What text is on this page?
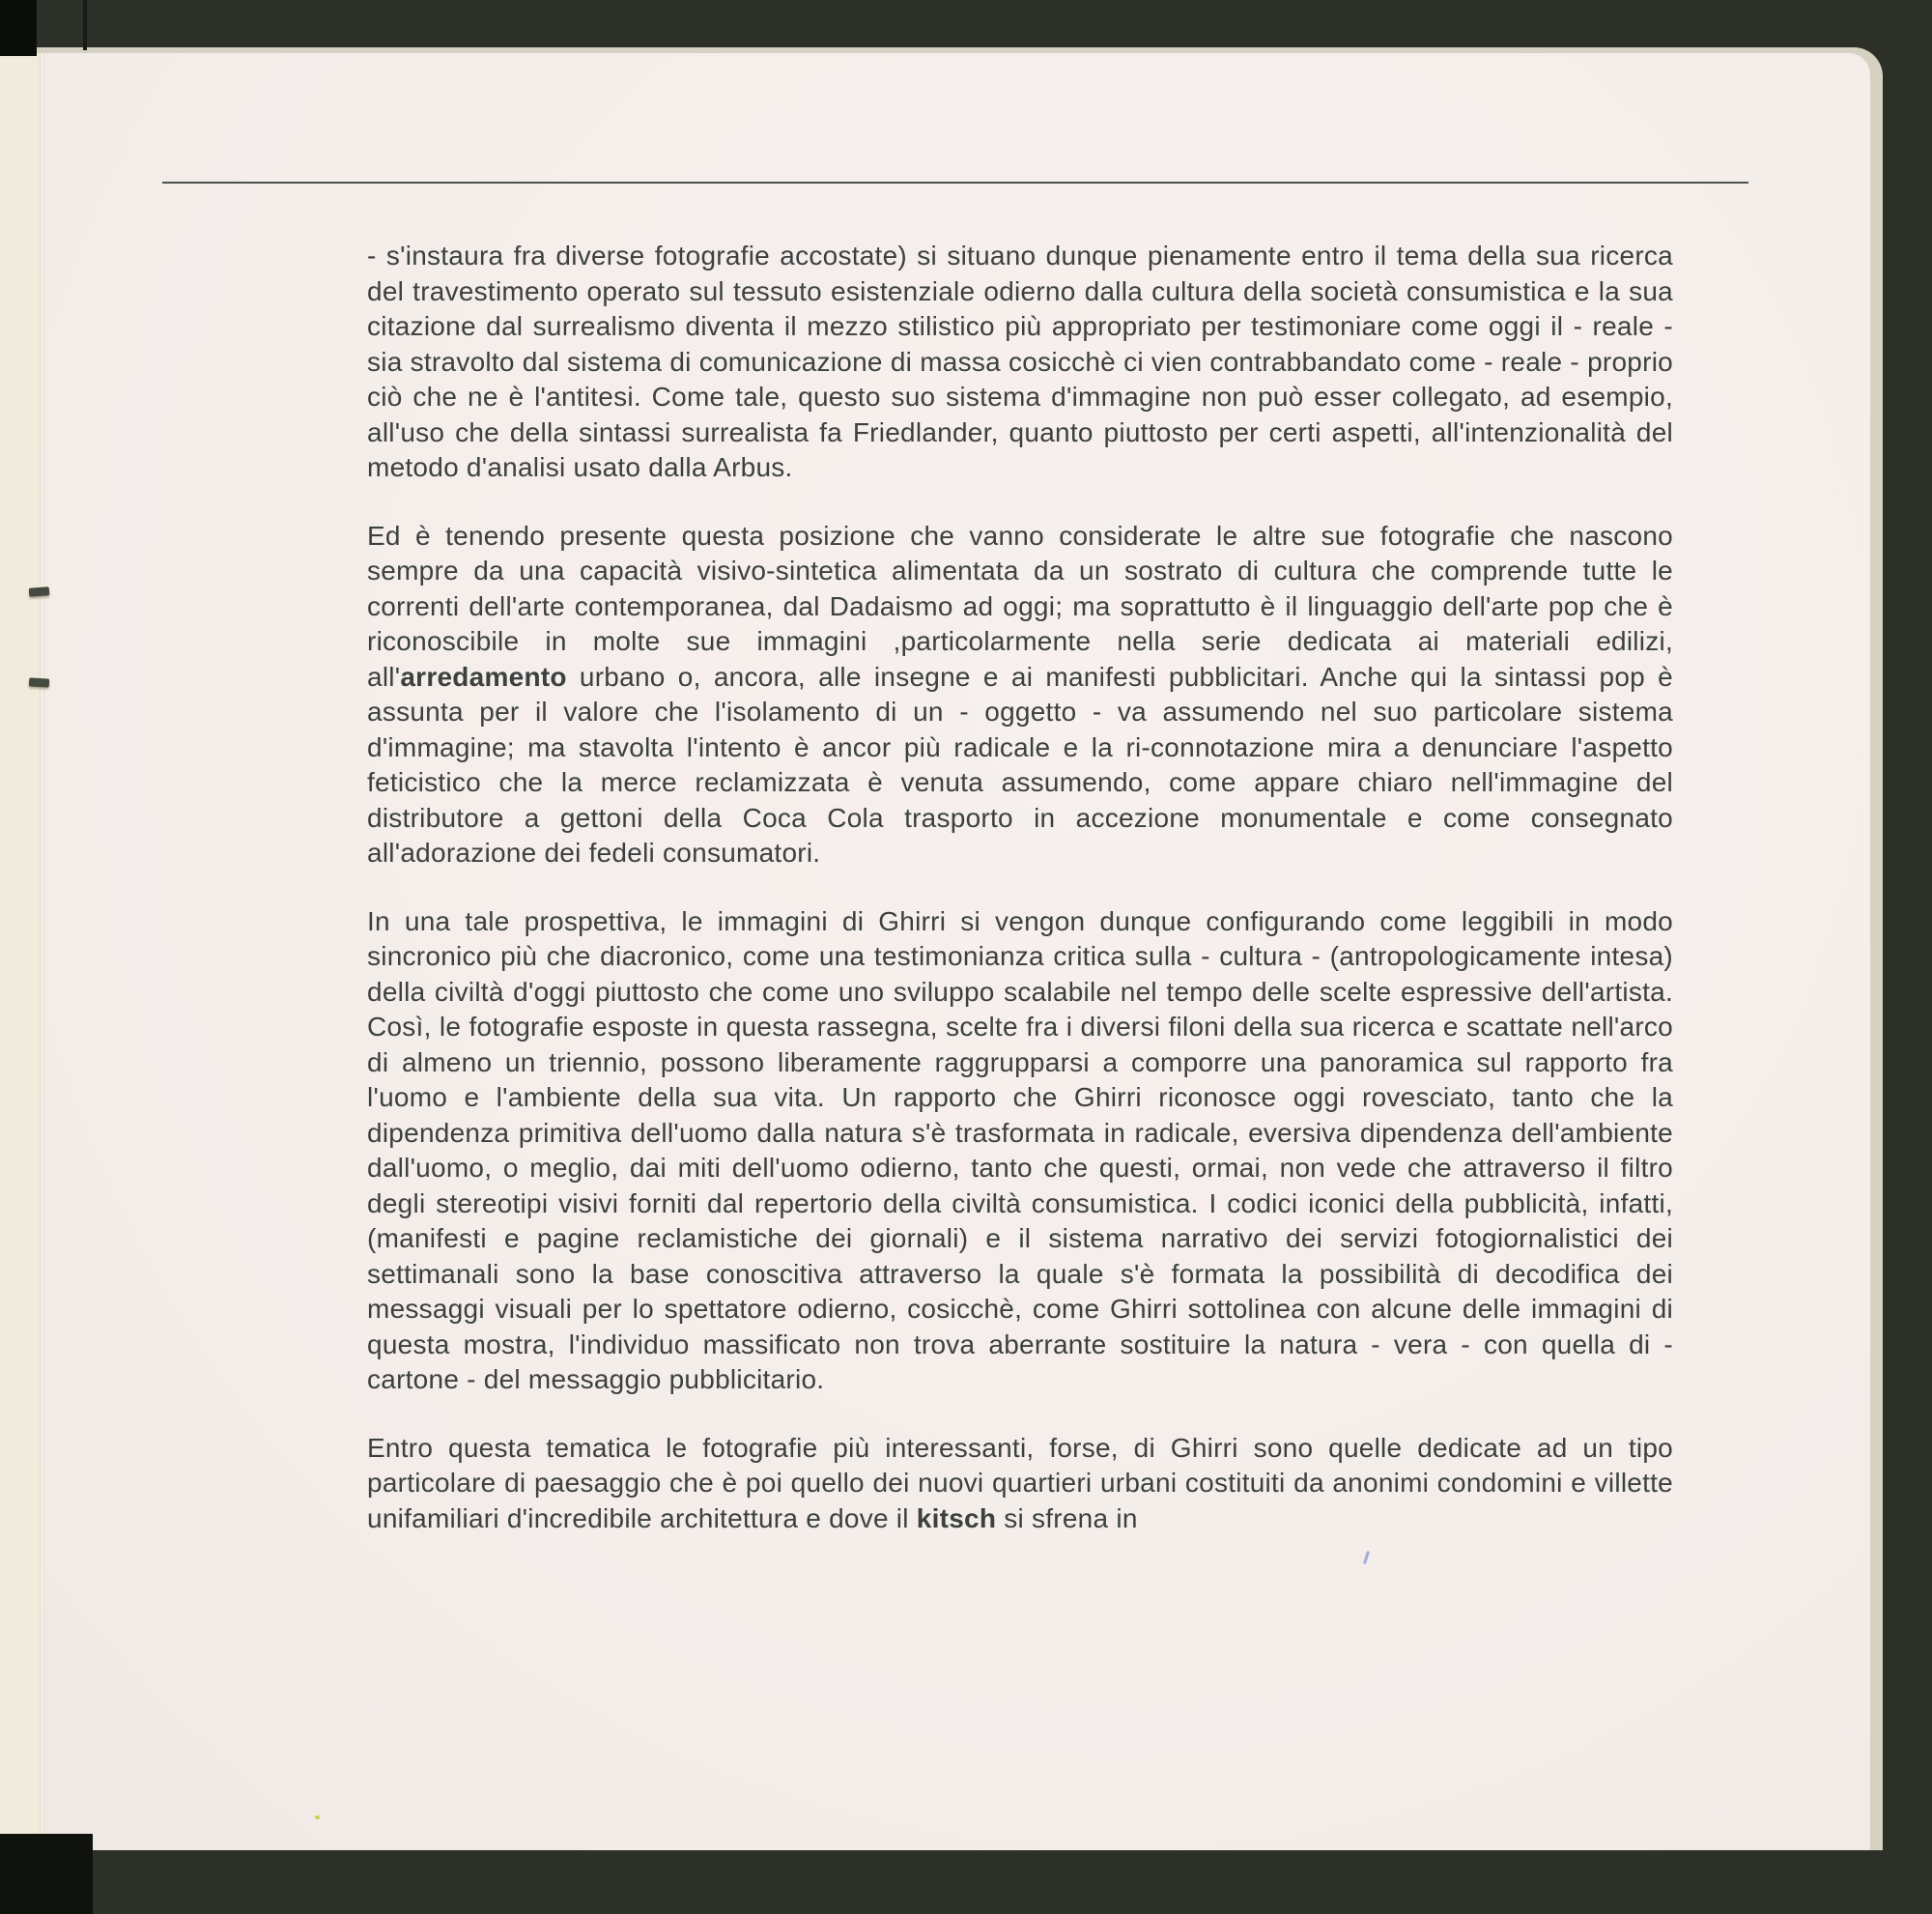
- s'instaura fra diverse fotografie accostate) si situano dunque pienamente entro il tema della sua ricerca del travestimento operato sul tessuto esistenziale odierno dalla cultura della società consumistica e la sua citazione dal surrealismo diventa il mezzo stilistico più appropriato per testimoniare come oggi il - reale - sia stravolto dal sistema di comunicazione di massa cosicchè ci vien contrabbandato come - reale - proprio ciò che ne è l'antitesi. Come tale, questo suo sistema d'immagine non può esser collegato, ad esempio, all'uso che della sintassi surrealista fa Friedlander, quanto piuttosto per certi aspetti, all'intenzionalità del metodo d'analisi usato dalla Arbus.

Ed è tenendo presente questa posizione che vanno considerate le altre sue fotografie che nascono sempre da una capacità visivo-sintetica alimentata da un sostrato di cultura che comprende tutte le correnti dell'arte contemporanea, dal Dadaismo ad oggi; ma soprattutto è il linguaggio dell'arte pop che è riconoscibile in molte sue immagini ,particolarmente nella serie dedicata ai materiali edilizi, all'arredamento urbano o, ancora, alle insegne e ai manifesti pubblicitari. Anche qui la sintassi pop è assunta per il valore che l'isolamento di un - oggetto - va assumendo nel suo particolare sistema d'immagine; ma stavolta l'intento è ancor più radicale e la ri-connotazione mira a denunciare l'aspetto feticistico che la merce reclamizzata è venuta assumendo, come appare chiaro nell'immagine del distributore a gettoni della Coca Cola trasporto in accezione monumentale e come consegnato all'adorazione dei fedeli consumatori.

In una tale prospettiva, le immagini di Ghirri si vengon dunque configurando come leggibili in modo sincronico più che diacronico, come una testimonianza critica sulla - cultura - (antropologicamente intesa) della civiltà d'oggi piuttosto che come uno sviluppo scalabile nel tempo delle scelte espressive dell'artista. Così, le fotografie esposte in questa rassegna, scelte fra i diversi filoni della sua ricerca e scattate nell'arco di almeno un triennio, possono liberamente raggrupparsi a comporre una panoramica sul rapporto fra l'uomo e l'ambiente della sua vita. Un rapporto che Ghirri riconosce oggi rovesciato, tanto che la dipendenza primitiva dell'uomo dalla natura s'è trasformata in radicale, eversiva dipendenza dell'ambiente dall'uomo, o meglio, dai miti dell'uomo odierno, tanto che questi, ormai, non vede che attraverso il filtro degli stereotipi visivi forniti dal repertorio della civiltà consumistica. I codici iconici della pubblicità, infatti, (manifesti e pagine reclamistiche dei giornali) e il sistema narrativo dei servizi fotogiornalistici dei settimanali sono la base conoscitiva attraverso la quale s'è formata la possibilità di decodifica dei messaggi visuali per lo spettatore odierno, cosicchè, come Ghirri sottolinea con alcune delle immagini di questa mostra, l'individuo massificato non trova aberrante sostituire la natura - vera - con quella di - cartone - del messaggio pubblicitario.

Entro questa tematica le fotografie più interessanti, forse, di Ghirri sono quelle dedicate ad un tipo particolare di paesaggio che è poi quello dei nuovi quartieri urbani costituiti da anonimi condomini e villette unifamiliari d'incredibile architettura e dove il kitsch si sfrena in
